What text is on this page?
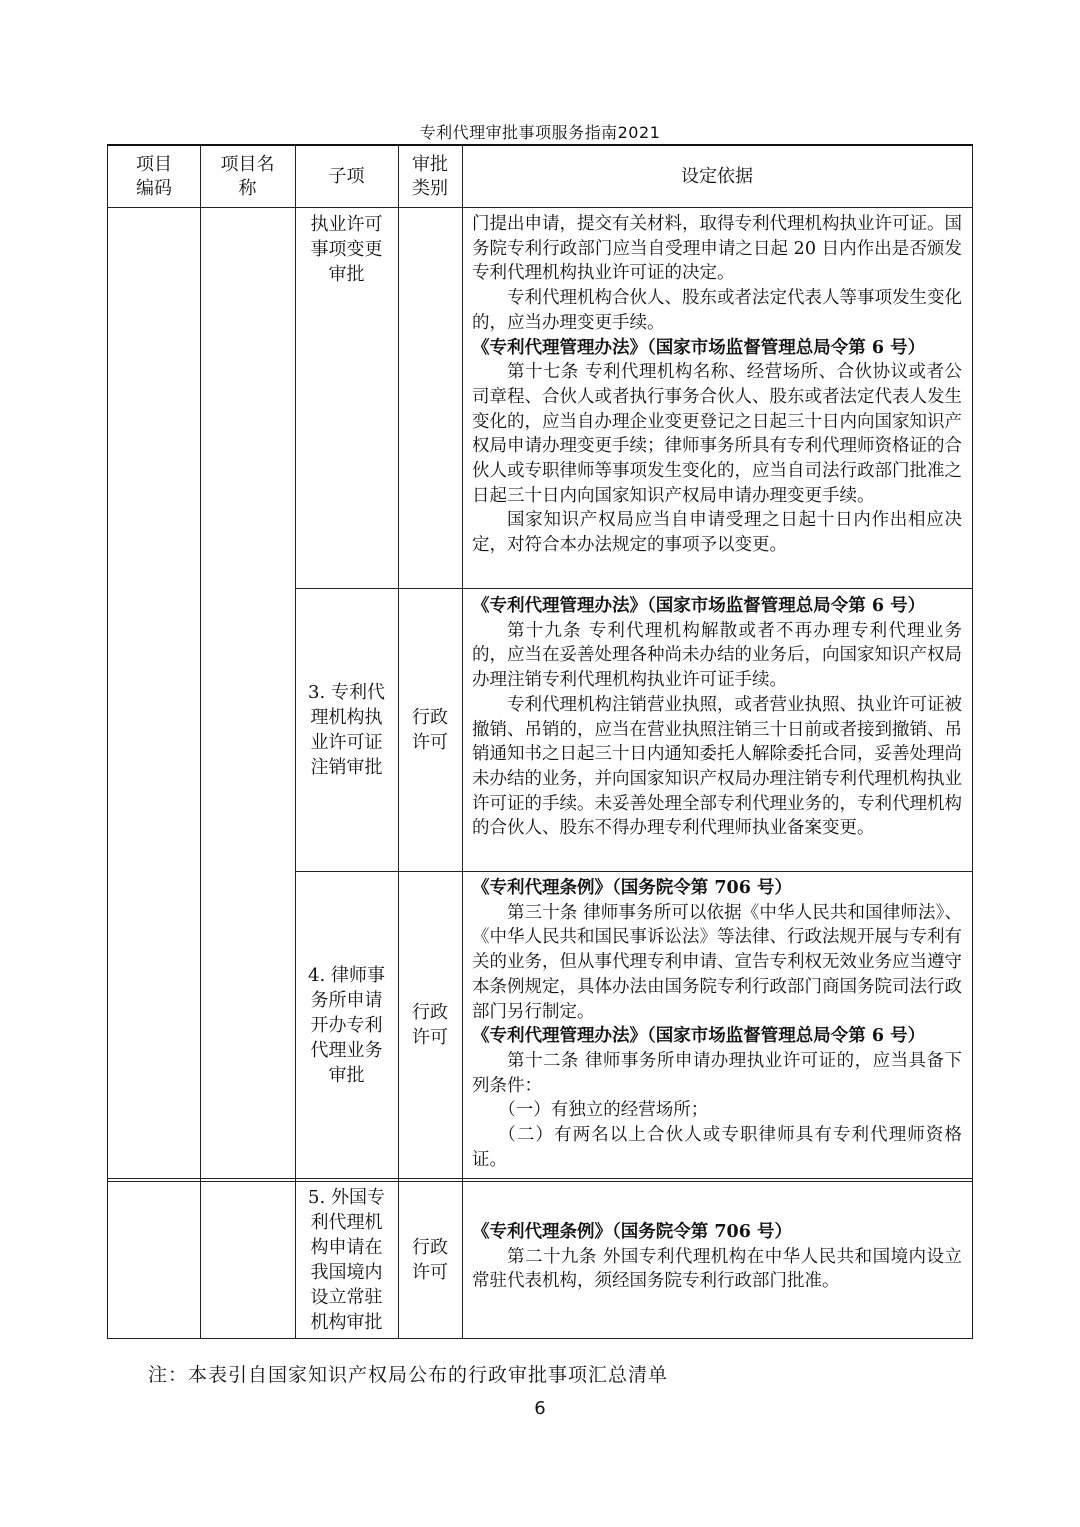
专利代理审批事项服务指南2021
项目编码
项目名称
子项
审批类别
设定依据
执业许可事项变更审批

门提出申请，提交有关材料，取得专利代理机构执业许可证。国务院专利行政部门应当自受理申请之日起 20 日内作出是否颁发专利代理机构执业许可证的决定。

专利代理机构合伙人、股东或者法定代表人等事项发生变化的，应当办理变更手续。

《专利代理管理办法》（国家市场监督管理总局令第 6 号）

第十七条 专利代理机构名称、经营场所、合伙协议或者公司章程、合伙人或者执行事务合伙人、股东或者法定代表人发生变化的，应当自办理企业变更登记之日起三十日内向国家知识产权局申请办理变更手续；律师事务所具有专利代理师资格证的合伙人或专职律师等事项发生变化的，应当自司法行政部门批准之日起三十日内向国家知识产权局申请办理变更手续。

国家知识产权局应当自申请受理之日起十日内作出相应决定，对符合本办法规定的事项予以变更。

3. 专利代理机构执业许可证注销审批
行政许可

《专利代理管理办法》（国家市场监督管理总局令第 6 号）

第十九条 专利代理机构解散或者不再办理专利代理业务的，应当在妥善处理各种尚未办结的业务后，向国家知识产权局办理注销专利代理机构执业许可证手续。

专利代理机构注销营业执照，或者营业执照、执业许可证被撤销、吊销的，应当在营业执照注销三十日前或者接到撤销、吊销通知书之日起三十日内通知委托人解除委托合同，妥善处理尚未办结的业务，并向国家知识产权局办理注销专利代理机构执业许可证的手续。未妥善处理全部专利代理业务的，专利代理机构的合伙人、股东不得办理专利代理师执业备案变更。

4. 律师事务所申请开办专利代理业务审批
行政许可

《专利代理条例》（国务院令第 706 号）

第三十条 律师事务所可以依据《中华人民共和国律师法》、《中华人民共和国民事诉讼法》等法律、行政法规开展与专利有关的业务，但从事代理专利申请、宣告专利权无效业务应当遵守本条例规定，具体办法由国务院专利行政部门商国务院司法行政部门另行制定。

《专利代理管理办法》（国家市场监督管理总局令第 6 号）

第十二条 律师事务所申请办理执业许可证的，应当具备下列条件：

（一）有独立的经营场所；

（二）有两名以上合伙人或专职律师具有专利代理师资格证。

5. 外国专利代理机构申请在我国境内设立常驻机构审批
行政许可

《专利代理条例》（国务院令第 706 号）

第二十九条 外国专利代理机构在中华人民共和国境内设立常驻代表机构，须经国务院专利行政部门批准。

注：本表引自国家知识产权局公布的行政审批事项汇总清单
6
